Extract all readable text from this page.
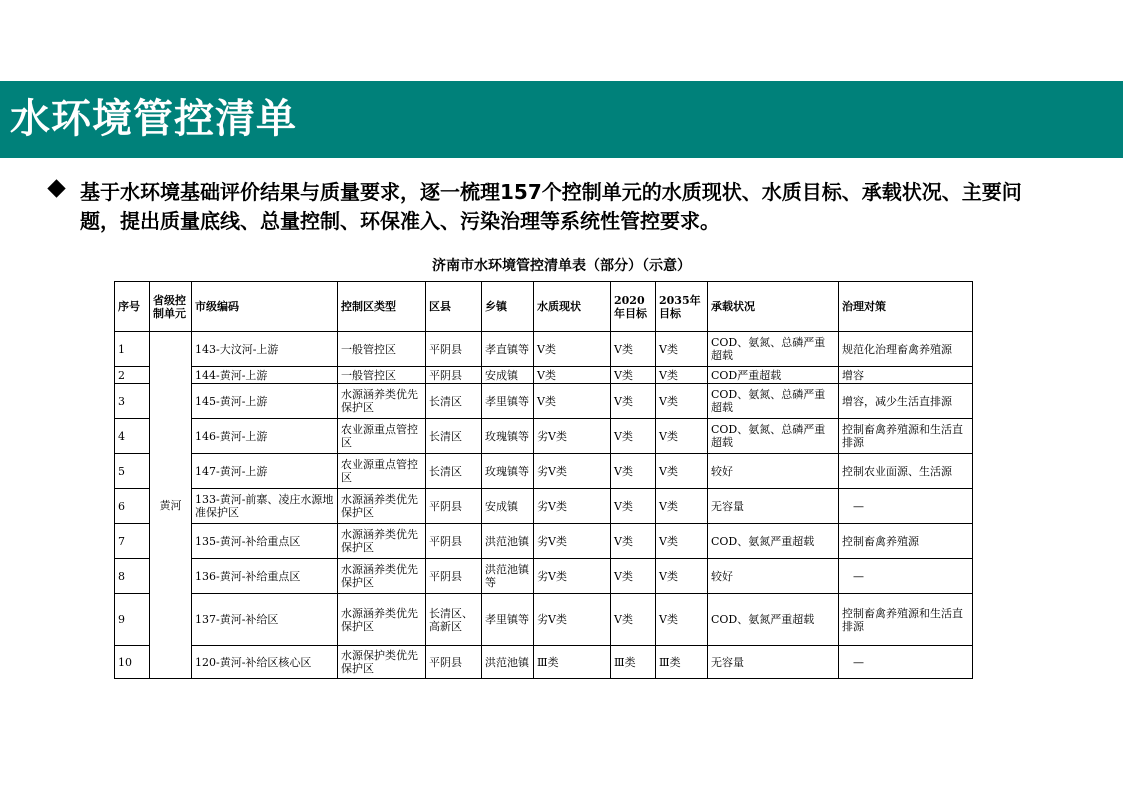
水环境管控清单
基于水环境基础评价结果与质量要求，逐一梳理157个控制单元的水质现状、水质目标、承载状况、主要问题，提出质量底线、总量控制、环保准入、污染治理等系统性管控要求。
济南市水环境管控清单表（部分）（示意）
序号	省级控制单元	市级编码	控制区类型	区县	乡镇	水质现状	2020年目标	2035年目标	承载状况	治理对策
1	黄河	143-大汶河-上游	一般管控区	平阴县	孝直镇等	Ⅴ类	Ⅴ类	Ⅴ类	COD、氨氮、总磷严重超载	规范化治理畜禽养殖源
2		144-黄河-上游	一般管控区	平阴县	安成镇	Ⅴ类	Ⅴ类	Ⅴ类	COD严重超载	增容
3		145-黄河-上游	水源涵养类优先保护区	长清区	孝里镇等	Ⅴ类	Ⅴ类	Ⅴ类	COD、氨氮、总磷严重超载	增容，减少生活直排源
4		146-黄河-上游	农业源重点管控区	长清区	玫瑰镇等	劣Ⅴ类	Ⅴ类	Ⅴ类	COD、氨氮、总磷严重超载	控制畜禽养殖源和生活直排源
5		147-黄河-上游	农业源重点管控区	长清区	玫瑰镇等	劣Ⅴ类	Ⅴ类	Ⅴ类	较好	控制农业面源、生活源
6		133-黄河-前寨、凌庄水源地准保护区	水源涵养类优先保护区	平阴县	安成镇	劣Ⅴ类	Ⅴ类	Ⅴ类	无容量	—
7		135-黄河-补给重点区	水源涵养类优先保护区	平阴县	洪范池镇	劣Ⅴ类	Ⅴ类	Ⅴ类	COD、氨氮严重超载	控制畜禽养殖源
8		136-黄河-补给重点区	水源涵养类优先保护区	平阴县	洪范池镇等	劣Ⅴ类	Ⅴ类	Ⅴ类	较好	—
9		137-黄河-补给区	水源涵养类优先保护区	长清区、高新区	孝里镇等	劣Ⅴ类	Ⅴ类	Ⅴ类	COD、氨氮严重超载	控制畜禽养殖源和生活直排源
10		120-黄河-补给区核心区	水源保护类优先保护区	平阴县	洪范池镇	Ⅲ类	Ⅲ类	Ⅲ类	无容量	—
